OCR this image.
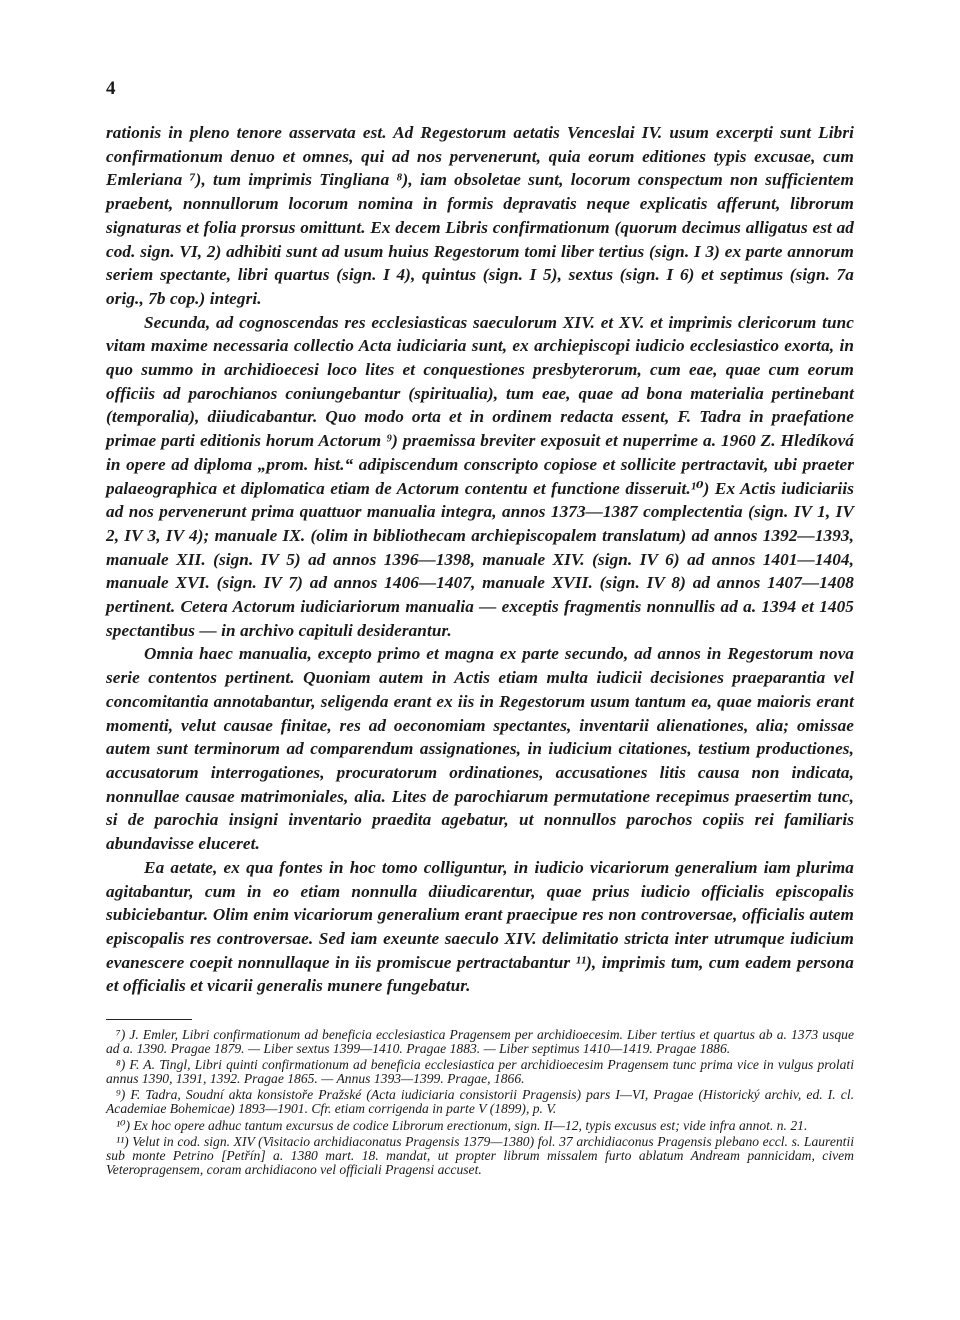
4

rationis in pleno tenore asservata est. Ad Regestorum aetatis Venceslai IV. usum excerpti sunt Libri confirmationum denuo et omnes, qui ad nos pervenerunt, quia eorum editiones typis excusae, cum Emleriana ⁷), tum imprimis Tingliana ⁸), iam obsoletae sunt, locorum conspectum non sufficientem praebent, nonnullorum locorum nomina in formis depravatis neque explicatis afferunt, librorum signaturas et folia prorsus omittunt. Ex decem Libris confirmationum (quorum decimus alligatus est ad cod. sign. VI, 2) adhibiti sunt ad usum huius Regestorum tomi liber tertius (sign. I 3) ex parte annorum seriem spectante, libri quartus (sign. I 4), quintus (sign. I 5), sextus (sign. I 6) et septimus (sign. 7a orig., 7b cop.) integri.

Secunda, ad cognoscendas res ecclesiasticas saeculorum XIV. et XV. et imprimis clericorum tunc vitam maxime necessaria collectio Acta iudiciaria sunt, ex archiepiscopi iudicio ecclesiastico exorta, in quo summo in archidioecesi loco lites et conquestiones presbyterorum, cum eae, quae cum eorum officiis ad parochianos coniungebantur (spiritualia), tum eae, quae ad bona materialia pertinebant (temporalia), diiudicabantur. Quo modo orta et in ordinem redacta essent, F. Tadra in praefatione primae parti editionis horum Actorum ⁹) praemissa breviter exposuit et nuperrime a. 1960 Z. Hledíková in opere ad diploma „prom. hist.“ adipiscendum conscripto copiose et sollicite pertractavit, ubi praeter palaeographica et diplomatica etiam de Actorum contentu et functione disseruit.¹⁰) Ex Actis iudiciariis ad nos pervenerunt prima quattuor manualia integra, annos 1373—1387 complectentia (sign. IV 1, IV 2, IV 3, IV 4); manuale IX. (olim in bibliothecam archiepiscopalem translatum) ad annos 1392—1393, manuale XII. (sign. IV 5) ad annos 1396—1398, manuale XIV. (sign. IV 6) ad annos 1401—1404, manuale XVI. (sign. IV 7) ad annos 1406—1407, manuale XVII. (sign. IV 8) ad annos 1407—1408 pertinent. Cetera Actorum iudiciariorum manualia — exceptis fragmentis nonnullis ad a. 1394 et 1405 spectantibus — in archivo capituli desiderantur.

Omnia haec manualia, excepto primo et magna ex parte secundo, ad annos in Regestorum nova serie contentos pertinent. Quoniam autem in Actis etiam multa iudicii decisiones praeparantia vel concomitantia annotabantur, seligenda erant ex iis in Regestorum usum tantum ea, quae maioris erant momenti, velut causae finitae, res ad oeconomiam spectantes, inventarii alienationes, alia; omissae autem sunt terminorum ad comparendum assignationes, in iudicium citationes, testium productiones, accusatorum interrogationes, procuratorum ordinationes, accusationes litis causa non indicata, nonnullae causae matrimoniales, alia. Lites de parochiarum permutatione recepimus praesertim tunc, si de parochia insigni inventario praedita agebatur, ut nonnullos parochos copiis rei familiaris abundavisse eluceret.

Ea aetate, ex qua fontes in hoc tomo colliguntur, in iudicio vicariorum generalium iam plurima agitabantur, cum in eo etiam nonnulla diiudicarentur, quae prius iudicio officialis episcopalis subiciebantur. Olim enim vicariorum generalium erant praecipue res non controversae, officialis autem episcopalis res controversae. Sed iam exeunte saeculo XIV. delimitatio stricta inter utrumque iudicium evanescere coepit nonnullaque in iis promiscue pertractabantur ¹¹), imprimis tum, cum eadem persona et officialis et vicarii generalis munere fungebatur.

⁷) J. Emler, Libri confirmationum ad beneficia ecclesiastica Pragensem per archidioecesim. Liber tertius et quartus ab a. 1373 usque ad a. 1390. Pragae 1879. — Liber sextus 1399—1410. Pragae 1883. — Liber septimus 1410—1419. Pragae 1886.

⁸) F. A. Tingl, Libri quinti confirmationum ad beneficia ecclesiastica per archidioecesim Pragensem tunc prima vice in vulgus prolati annus 1390, 1391, 1392. Pragae 1865. — Annus 1393—1399. Pragae, 1866.

⁹) F. Tadra, Soudní akta konsistoře Pražské (Acta iudiciaria consistorii Pragensis) pars I—VI, Pragae (Historický archiv, ed. I. cl. Academiae Bohemicae) 1893—1901. Cfr. etiam corrigenda in parte V (1899), p. V.

¹⁰) Ex hoc opere adhuc tantum excursus de codice Librorum erectionum, sign. II—12, typis excusus est; vide infra annot. n. 21.

¹¹) Velut in cod. sign. XIV (Visitacio archidiaconatus Pragensis 1379—1380) fol. 37 archidiaconus Pragensis plebano eccl. s. Laurentii sub monte Petrino [Petřín] a. 1380 mart. 18. mandat, ut propter librum missalem furto ablatum Andream pannicidam, civem Veteropragensem, coram archidiacono vel officiali Pragensi accuset.
